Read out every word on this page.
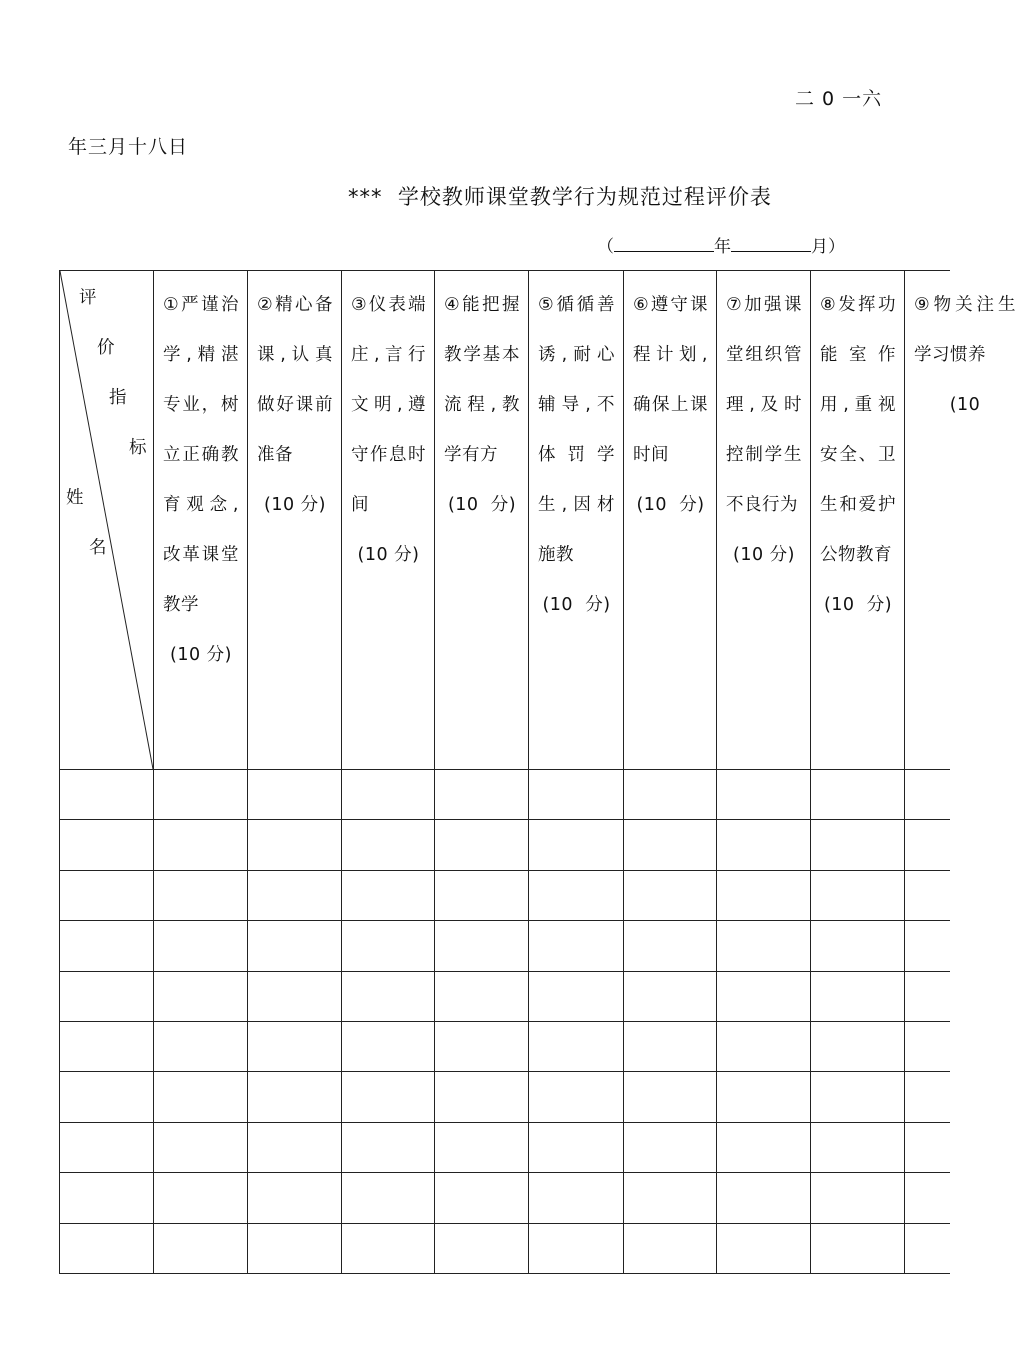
二 0 一六
年三月十八日
***  学校教师课堂教学行为规范过程评价表
（	年	月）
评
价
指
标
姓
名
①严谨治学,精湛专业，树立正确教育观念,改革课堂教学

(10 分)
②精心备课,认真做好课前准备

(10 分)
③仪表端庄,言行文明,遵守作息时间

(10 分)
④能把握教学基本流程,教学有方

(10  分)
⑤循循善诱,耐心辅导,不体罚学生,因材施教

(10  分)
⑥遵守课程计划,确保上课时间

(10  分)
⑦加强课堂组织管理,及时控制学生不良行为

(10 分)
⑧发挥功能室作用,重视安全、卫生和爱护公物教育

(10  分)
⑨物关注生学习惯养

(10
